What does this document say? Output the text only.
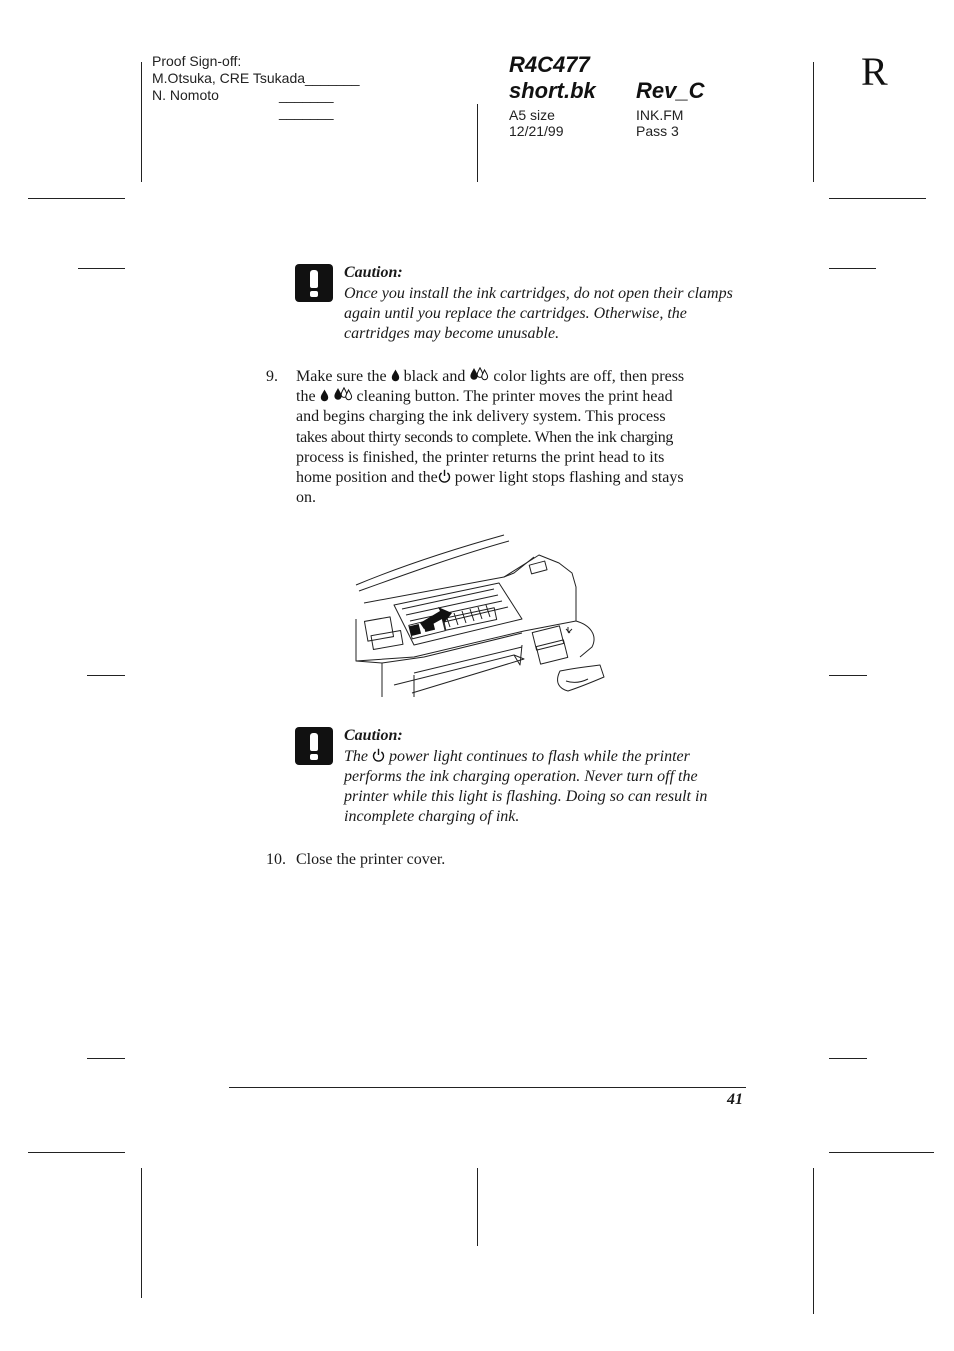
Proof Sign-off:
M.Otsuka, CRE Tsukada_______
N. Nomoto	_______
_______
R4C477
short.bk Rev_C
A5 size
12/21/99
INK.FM
Pass 3
R
Caution:
Once you install the ink cartridges, do not open their clamps
again until you replace the cartridges. Otherwise, the
cartridges may become unusable.
9. Make sure the  black and  color lights are off, then press
the   cleaning button. The printer moves the print head
and begins charging the ink delivery system. This process
takes about thirty seconds to complete. When the ink charging
process is finished, the printer returns the print head to its
home position and the power light stops flashing and stays
on.
Caution:
The  power light continues to flash while the printer
performs the ink charging operation. Never turn off the
printer while this light is flashing. Doing so can result in
incomplete charging of ink.
10. Close the printer cover.
41
